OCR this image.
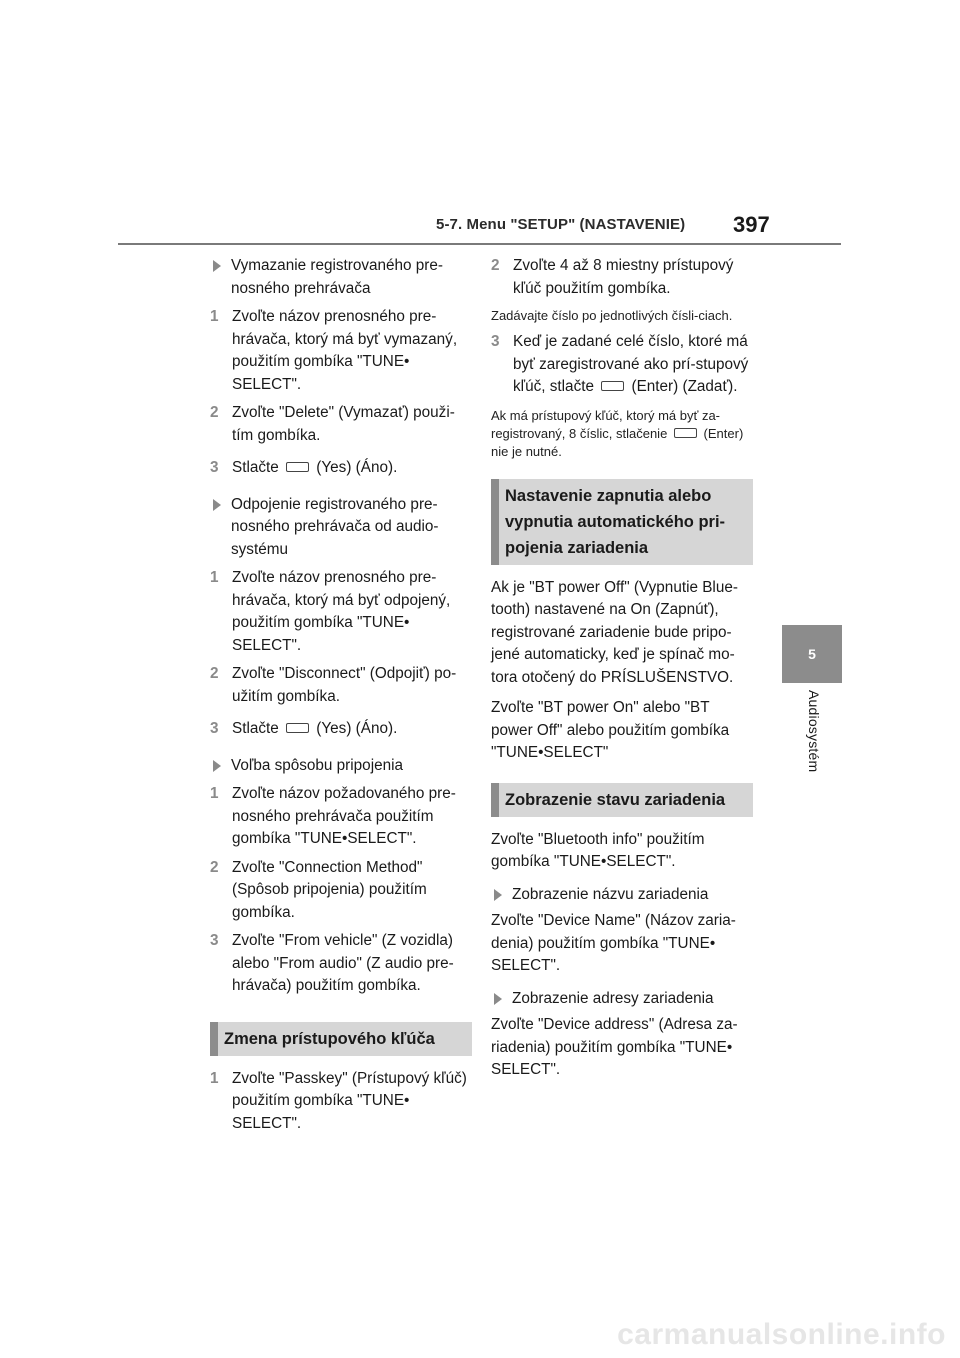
5-7. Menu "SETUP" (NASTAVENIE) 397
5
Audiosystém
Vymazanie registrovaného pre-nosného prehrávača
1 Zvoľte názov prenosného pre-hrávača, ktorý má byť vymazaný, použitím gombíka "TUNE• SELECT".
2 Zvoľte "Delete" (Vymazať) použi-tím gombíka.
3 Stlačte (Yes) (Áno).
Odpojenie registrovaného pre-nosného prehrávača od audio-systému
1 Zvoľte názov prenosného pre-hrávača, ktorý má byť odpojený, použitím gombíka "TUNE• SELECT".
2 Zvoľte "Disconnect" (Odpojiť) po-užitím gombíka.
3 Stlačte (Yes) (Áno).
Voľba spôsobu pripojenia
1 Zvoľte názov požadovaného pre-nosného prehrávača použitím gombíka "TUNE•SELECT".
2 Zvoľte "Connection Method" (Spôsob pripojenia) použitím gombíka.
3 Zvoľte "From vehicle" (Z vozidla) alebo "From audio" (Z audio pre-hrávača) použitím gombíka.
Zmena prístupového kľúča
1 Zvoľte "Passkey" (Prístupový kľúč) použitím gombíka "TUNE• SELECT".
2 Zvoľte 4 až 8 miestny prístupový kľúč použitím gombíka.
Zadávajte číslo po jednotlivých čísli-ciach.
3 Keď je zadané celé číslo, ktoré má byť zaregistrované ako prí-stupový kľúč, stlačte (Enter) (Zadať).
Ak má prístupový kľúč, ktorý má byť za-registrovaný, 8 číslic, stlačenie	(Enter) nie je nutné.
Nastavenie zapnutia alebo vypnutia automatického pri-pojenia zariadenia
Ak je "BT power Off" (Vypnutie Blue-tooth) nastavené na On (Zapnúť), registrované zariadenie bude pripo-jené automaticky, keď je spínač mo-tora otočený do PRÍSLUŠENSTVO.
Zvoľte "BT power On" alebo "BT power Off" alebo použitím gombíka "TUNE•SELECT"
Zobrazenie stavu zariadenia
Zvoľte "Bluetooth info" použitím gombíka "TUNE•SELECT".
Zobrazenie názvu zariadenia
Zvoľte "Device Name" (Názov zaria-denia) použitím gombíka "TUNE• SELECT".
Zobrazenie adresy zariadenia
Zvoľte "Device address" (Adresa za-riadenia) použitím gombíka "TUNE• SELECT".
carmanualsonline.info
